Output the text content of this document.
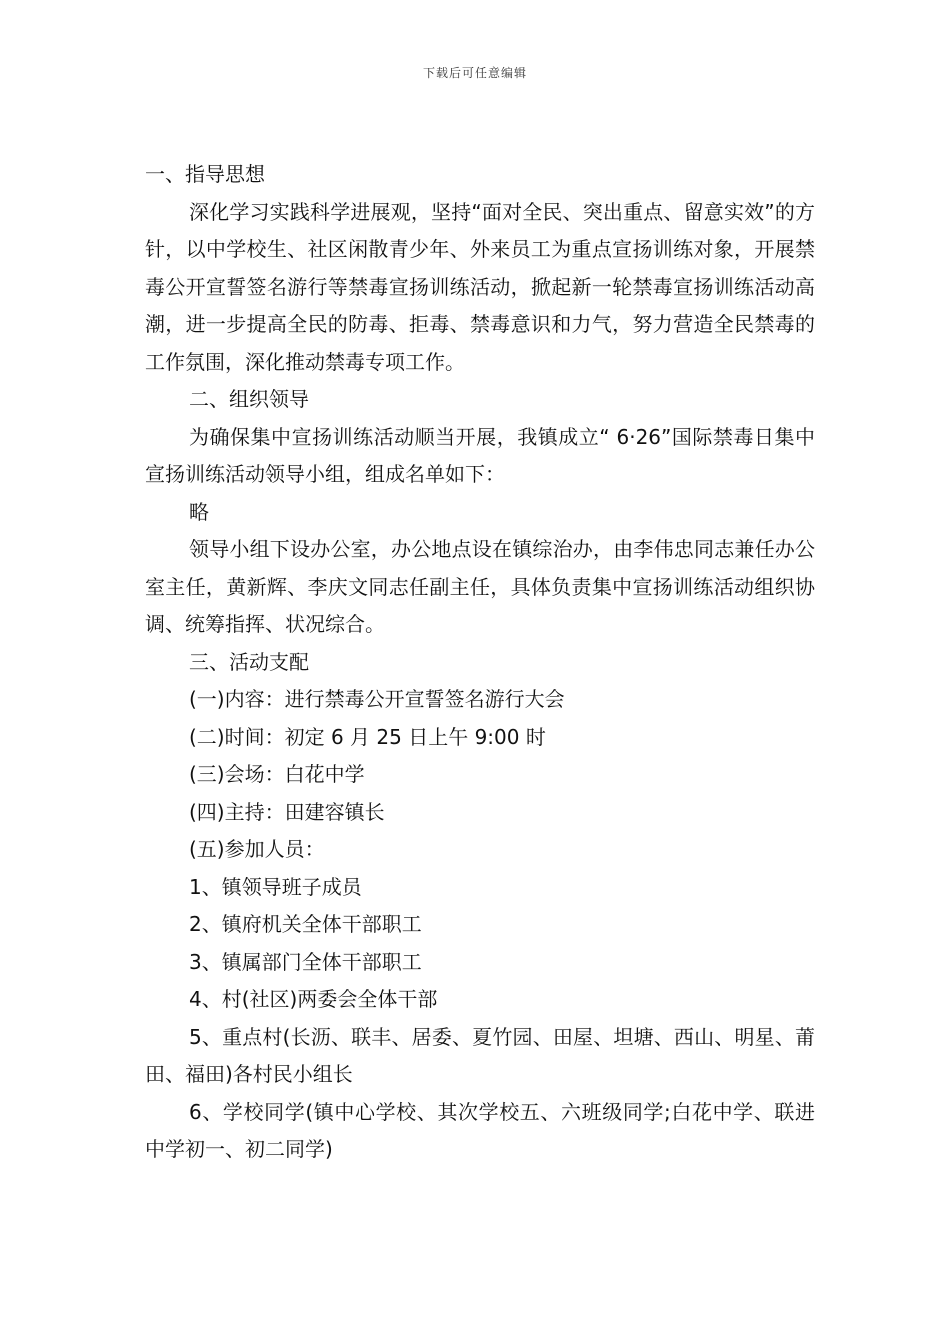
下载后可任意编辑

一、指导思想

深化学习实践科学进展观，坚持“面对全民、突出重点、留意实效”的方针，以中学校生、社区闲散青少年、外来员工为重点宣扬训练对象，开展禁毒公开宣誓签名游行等禁毒宣扬训练活动，掀起新一轮禁毒宣扬训练活动高潮，进一步提高全民的防毒、拒毒、禁毒意识和力气，努力营造全民禁毒的工作氛围，深化推动禁毒专项工作。

二、组织领导

为确保集中宣扬训练活动顺当开展，我镇成立“ 6·26”国际禁毒日集中宣扬训练活动领导小组，组成名单如下：

略

领导小组下设办公室，办公地点设在镇综治办，由李伟忠同志兼任办公室主任，黄新辉、李庆文同志任副主任，具体负责集中宣扬训练活动组织协调、统筹指挥、状况综合。

三、活动支配

(一)内容：进行禁毒公开宣誓签名游行大会

(二)时间：初定 6 月 25 日上午 9:00 时

(三)会场：白花中学

(四)主持：田建容镇长

(五)参加人员：

1、镇领导班子成员

2、镇府机关全体干部职工

3、镇属部门全体干部职工

4、村(社区)两委会全体干部

5、重点村(长沥、联丰、居委、夏竹园、田屋、坦塘、西山、明星、莆田、福田)各村民小组长

6、学校同学(镇中心学校、其次学校五、六班级同学;白花中学、联进中学初一、初二同学)
